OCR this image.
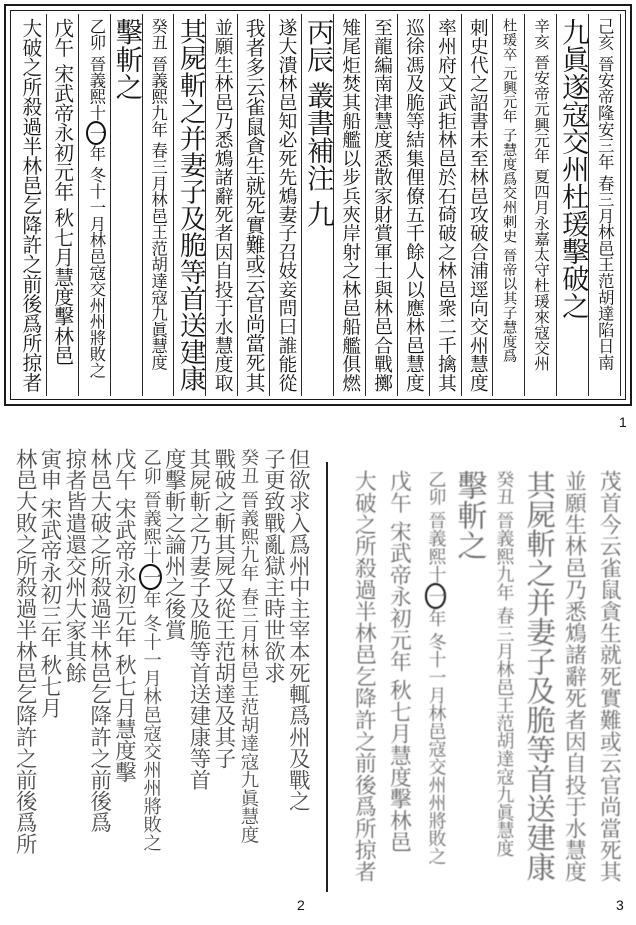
己亥 晉安帝隆安三年 春三月林邑王范胡達陷日南
九眞遂寇交州杜瑗擊破之
辛亥 晉安帝元興元年 夏四月永嘉太守杜瑗來寇交州
杜瑗卒 元興元年 子慧度爲交州刺史 晉帝以其子慧度爲
刺史代之詔書未至林邑攻破合浦逕向交州慧度
率州府文武拒林邑於石碕破之林邑衆二千擒其
巡徐馮及脆等結集俚僚五千餘人以應林邑慧度
至龍編南津慧度悉散家財賞軍士與林邑合戰擲
雉尾炬焚其船艦以步兵夾岸射之林邑船艦俱燃
丙辰 叢書補注 九
遂大潰林邑知必死先鴆妻子召妓妾問曰誰能從
我者多云雀鼠貪生就死實難或云官尚當死其
並願生林邑乃悉鴆諸辭死者因自投于水慧度取
其屍斬之并妻子及脆等首送建康
癸丑 晉義熙九年 春三月林邑王范胡達寇九眞慧度
擊斬之
乙卯 晉義熙十一年 冬十一月林邑寇交州州將敗之
戊午 宋武帝永初元年 秋七月慧度擊林邑
大破之所殺過半林邑乞降許之前後爲所掠者
1
但欲求入爲州中主宰本死輒爲州及戰之
子更致戰亂獄主時世欲求
癸丑 晉義熙九年 春三月林邑王范胡達寇九眞慧度
戰破之斬其屍又從王范胡達及其子
其屍斬之乃妻子及脆等首送建康等首
度擊斬之論州之後賞
乙卯 晉義熙十一年 冬十一月林邑寇交州州將敗之
戊午 宋武帝永初元年 秋七月慧度擊
林邑大破之所殺過半林邑乞降許之前後爲
掠者皆遣還交州大家其餘
寅申 宋武帝永初三年 秋七月
林邑大敗之所殺過半林邑乞降許之前後爲所
2
茂首今云雀鼠貪生就死實難或云官尚當死其
並願生林邑乃悉鴆諸辭死者因自投于水慧度
其屍斬之并妻子及脆等首送建康
癸丑 晉義熙九年 春三月林邑王范胡達寇九眞慧度
擊斬之
乙卯 晉義熙十一年 冬十一月林邑寇交州州將敗之
戊午 宋武帝永初元年 秋七月慧度擊林邑
大破之所殺過半林邑乞降許之前後爲所掠者
3
